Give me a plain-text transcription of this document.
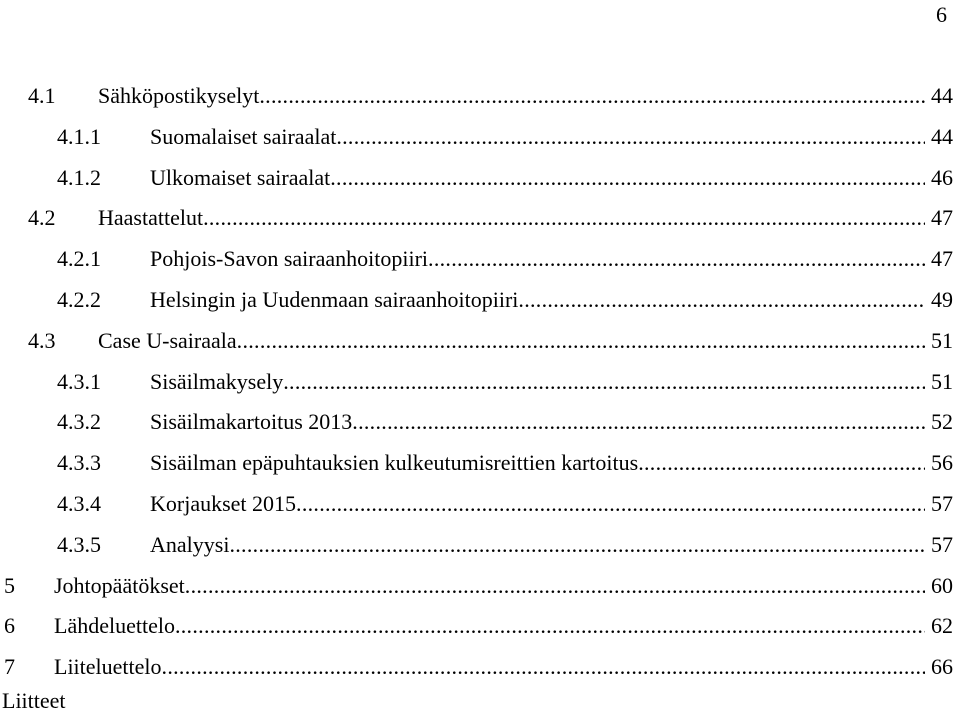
6
4.1	Sähköpostikyselyt . . .	44
4.1.1	Suomalaiset sairaalat . . .	44
4.1.2	Ulkomaiset sairaalat . . .	46
4.2	Haastattelut . . .	47
4.2.1	Pohjois-Savon sairaanhoitopiiri . . .	47
4.2.2	Helsingin ja Uudenmaan sairaanhoitopiiri . . .	49
4.3	Case U-sairaala . . .	51
4.3.1	Sisäilmakysely . . .	51
4.3.2	Sisäilmakartoitus 2013 . . .	52
4.3.3	Sisäilman epäpuhtauksien kulkeutumisreittien kartoitus . . .	56
4.3.4	Korjaukset 2015 . . .	57
4.3.5	Analyysi . . .	57
5	Johtopäätökset . . .	60
6	Lähdeluettelo . . .	62
7	Liiteluettelo . . .	66
Liitteet
